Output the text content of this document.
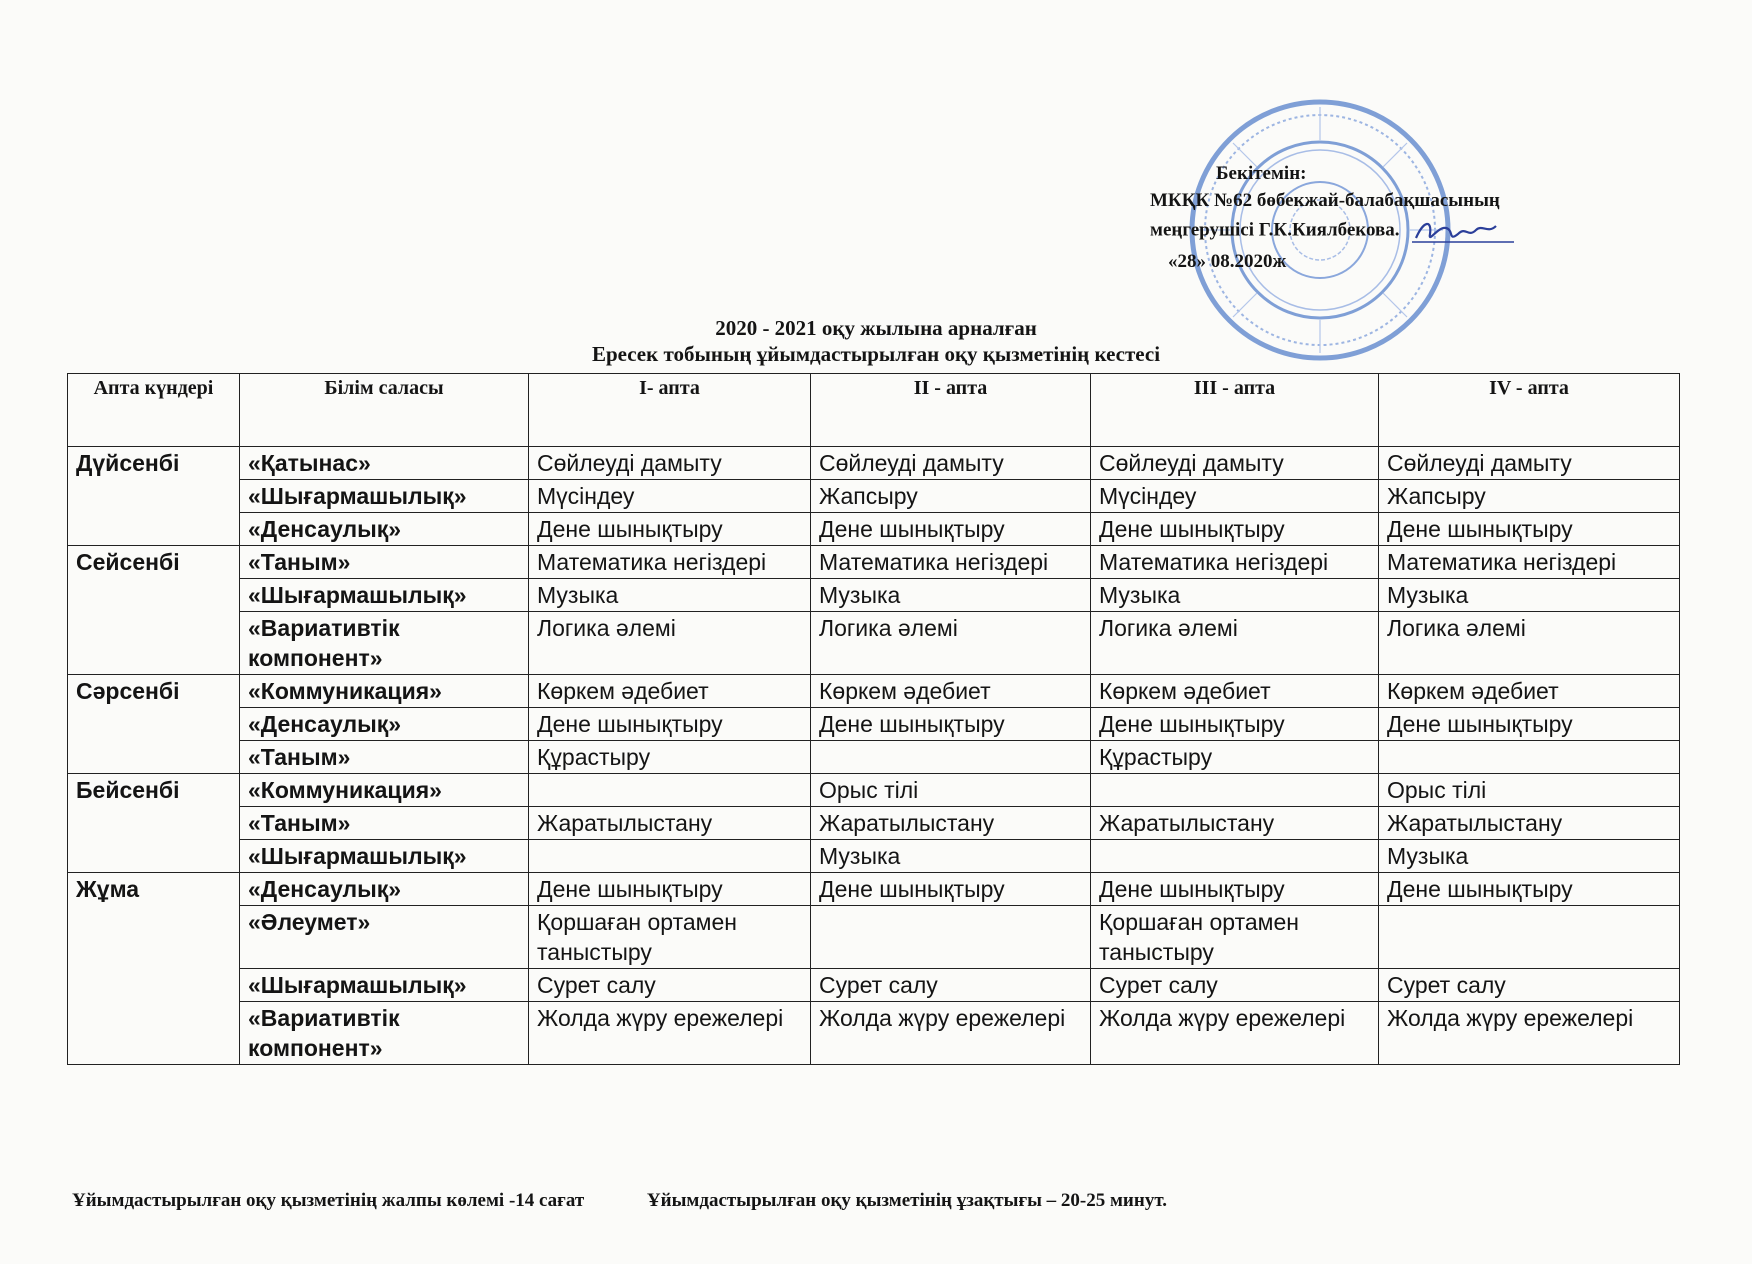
Бекітемін:
МКҚК №62 бөбекжай-балабақшасының
меңгерушісі Г.К.Киялбекова.
«28» 08.2020ж
2020 - 2021 оқу жылына арналған
Ересек тобының ұйымдастырылған оқу қызметінің кестесі
Апта күндері	Білім саласы	І- апта	ІІ - апта	ІІІ - апта	IV - апта
Дүйсенбі	«Қатынас»	Сөйлеуді дамыту	Сөйлеуді дамыту	Сөйлеуді дамыту	Сөйлеуді дамыту
	«Шығармашылық»	Мүсіндеу	Жапсыру	Мүсіндеу	Жапсыру
	«Денсаулық»	Дене шынықтыру	Дене шынықтыру	Дене шынықтыру	Дене шынықтыру
Сейсенбі	«Таным»	Математика негіздері	Математика негіздері	Математика негіздері	Математика негіздері
	«Шығармашылық»	Музыка	Музыка	Музыка	Музыка
	«Вариативтік компонент»	Логика әлемі	Логика әлемі	Логика әлемі	Логика әлемі
Сәрсенбі	«Коммуникация»	Көркем әдебиет	Көркем әдебиет	Көркем әдебиет	Көркем әдебиет
	«Денсаулық»	Дене шынықтыру	Дене шынықтыру	Дене шынықтыру	Дене шынықтыру
	«Таным»	Құрастыру		Құрастыру	
Бейсенбі	«Коммуникация»		Орыс тілі		Орыс тілі
	«Таным»	Жаратылыстану	Жаратылыстану	Жаратылыстану	Жаратылыстану
	«Шығармашылық»		Музыка		Музыка
Жұма	«Денсаулық»	Дене шынықтыру	Дене шынықтыру	Дене шынықтыру	Дене шынықтыру
	«Әлеумет»	Қоршаған ортамен таныстыру		Қоршаған ортамен таныстыру	
	«Шығармашылық»	Сурет салу	Сурет салу	Сурет салу	Сурет салу
	«Вариативтік компонент»	Жолда жүру ережелері	Жолда жүру ережелері	Жолда жүру ережелері	Жолда жүру ережелері
Ұйымдастырылған оқу қызметінің жалпы көлемі -14 сағат	Ұйымдастырылған оқу қызметінің ұзақтығы – 20-25 минут.
